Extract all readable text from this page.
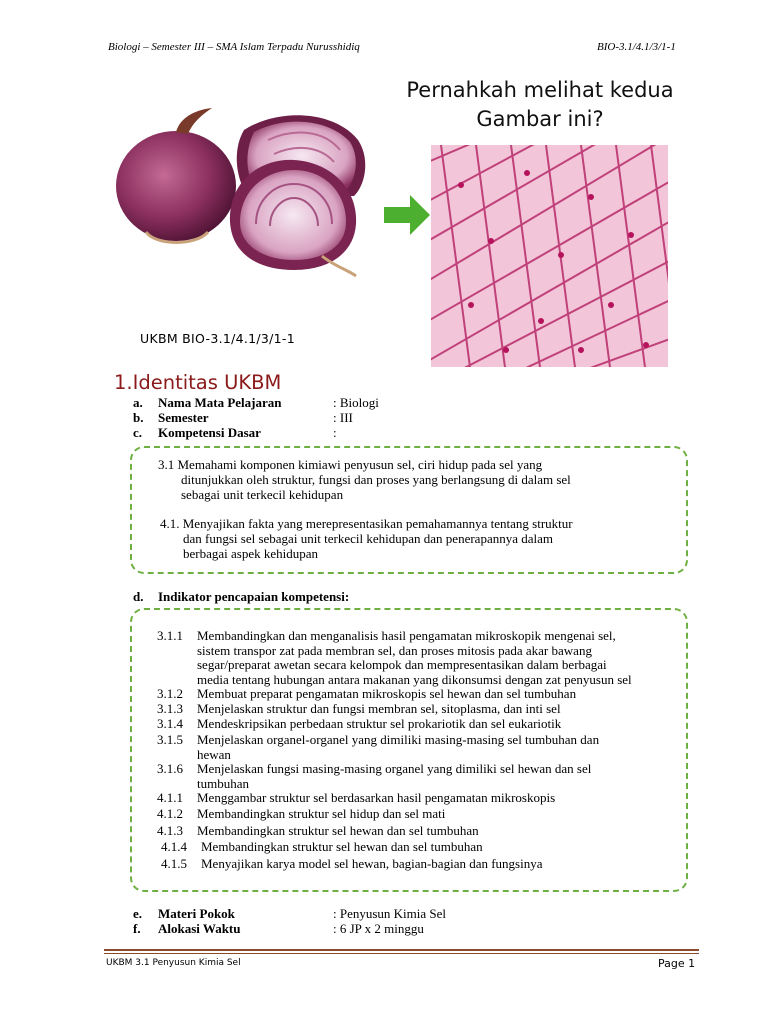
Biologi – Semester III – SMA Islam Terpadu Nurusshidiq	BIO-3.1/4.1/3/1-1
Pernahkah melihat kedua Gambar ini?
UKBM BIO-3.1/4.1/3/1-1
1.Identitas UKBM
a. Nama Mata Pelajaran	: Biologi
b. Semester	: III
c. Kompetensi Dasar	:
3.1 Memahami komponen kimiawi penyusun sel, ciri hidup pada sel yang
ditunjukkan oleh struktur, fungsi dan proses yang berlangsung di dalam sel
sebagai unit terkecil kehidupan
4.1. Menyajikan fakta yang merepresentasikan pemahamannya tentang struktur
dan fungsi sel sebagai unit terkecil kehidupan dan penerapannya dalam
berbagai aspek kehidupan
d. Indikator pencapaian kompetensi:
3.1.1 Membandingkan dan menganalisis hasil pengamatan mikroskopik mengenai sel,
sistem transpor zat pada membran sel, dan proses mitosis pada akar bawang
segar/preparat awetan secara kelompok dan mempresentasikan dalam berbagai
media tentang hubungan antara makanan yang dikonsumsi dengan zat penyusun sel
3.1.2 Membuat preparat pengamatan mikroskopis sel hewan dan sel tumbuhan
3.1.3 Menjelaskan struktur dan fungsi membran sel, sitoplasma, dan inti sel
3.1.4 Mendeskripsikan perbedaan struktur sel prokariotik dan sel eukariotik
3.1.5 Menjelaskan organel-organel yang dimiliki masing-masing sel tumbuhan dan
hewan
3.1.6 Menjelaskan fungsi masing-masing organel yang dimiliki sel hewan dan sel
tumbuhan
4.1.1 Menggambar struktur sel berdasarkan hasil pengamatan mikroskopis
4.1.2 Membandingkan struktur sel hidup dan sel mati
4.1.3 Membandingkan struktur sel hewan dan sel tumbuhan
4.1.4 Membandingkan struktur sel hewan dan sel tumbuhan
4.1.5 Menyajikan karya model sel hewan, bagian-bagian dan fungsinya
e. Materi Pokok	: Penyusun Kimia Sel
f. Alokasi Waktu	: 6 JP x 2 minggu
UKBM 3.1 Penyusun Kimia Sel	Page 1
